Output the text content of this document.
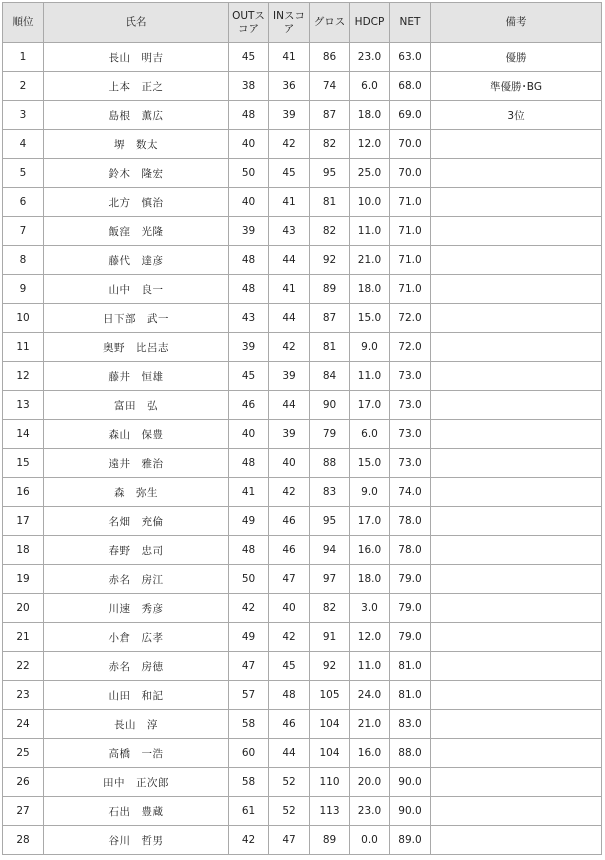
順位	氏名	OUTスコア	INスコア	グロス	HDCP	NET	備考
1	長山　明吉	45	41	86	23.0	63.0	優勝
2	上本　正之	38	36	74	6.0	68.0	準優勝･BG
3	島根　薫広	48	39	87	18.0	69.0	3位
4	堺　数太	40	42	82	12.0	70.0	
5	鈴木　隆宏	50	45	95	25.0	70.0	
6	北方　慎治	40	41	81	10.0	71.0	
7	飯窪　光隆	39	43	82	11.0	71.0	
8	藤代　達彦	48	44	92	21.0	71.0	
9	山中　良一	48	41	89	18.0	71.0	
10	日下部　武一	43	44	87	15.0	72.0	
11	奥野　比呂志	39	42	81	9.0	72.0	
12	藤井　恒雄	45	39	84	11.0	73.0	
13	富田　弘	46	44	90	17.0	73.0	
14	森山　保豊	40	39	79	6.0	73.0	
15	遠井　雅治	48	40	88	15.0	73.0	
16	森　弥生	41	42	83	9.0	74.0	
17	名畑　充倫	49	46	95	17.0	78.0	
18	春野　忠司	48	46	94	16.0	78.0	
19	赤名　房江	50	47	97	18.0	79.0	
20	川速　秀彦	42	40	82	3.0	79.0	
21	小倉　広孝	49	42	91	12.0	79.0	
22	赤名　房徳	47	45	92	11.0	81.0	
23	山田　和記	57	48	105	24.0	81.0	
24	長山　淳	58	46	104	21.0	83.0	
25	高橋　一浩	60	44	104	16.0	88.0	
26	田中　正次郎	58	52	110	20.0	90.0	
27	石出　豊蔵	61	52	113	23.0	90.0	
28	谷川　哲男	42	47	89	0.0	89.0	
